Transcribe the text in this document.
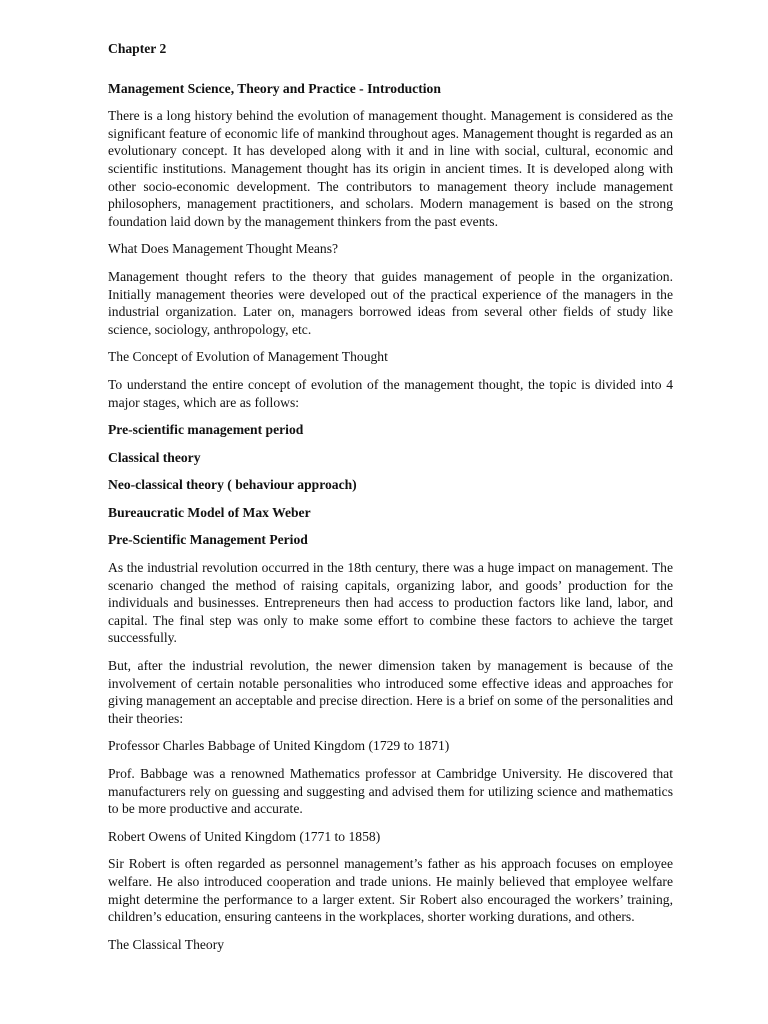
Chapter 2
Management Science, Theory and Practice - Introduction

There is a long history behind the evolution of management thought. Management is considered as the significant feature of economic life of mankind throughout ages. Management thought is regarded as an evolutionary concept. It has developed along with it and in line with social, cultural, economic and scientific institutions. Management thought has its origin in ancient times. It is developed along with other socio-economic development. The contributors to management theory include management philosophers, management practitioners, and scholars. Modern management is based on the strong foundation laid down by the management thinkers from the past events.

What Does Management Thought Means?

Management thought refers to the theory that guides management of people in the organization. Initially management theories were developed out of the practical experience of the managers in the industrial organization. Later on, managers borrowed ideas from several other fields of study like science, sociology, anthropology, etc.

The Concept of Evolution of Management Thought

To understand the entire concept of evolution of the management thought, the topic is divided into 4 major stages, which are as follows:

Pre-scientific management period
Classical theory
Neo-classical theory ( behaviour approach)
Bureaucratic Model of Max Weber
Pre-Scientific Management Period

As the industrial revolution occurred in the 18th century, there was a huge impact on management. The scenario changed the method of raising capitals, organizing labor, and goods’ production for the individuals and businesses. Entrepreneurs then had access to production factors like land, labor, and capital. The final step was only to make some effort to combine these factors to achieve the target successfully.

But, after the industrial revolution, the newer dimension taken by management is because of the involvement of certain notable personalities who introduced some effective ideas and approaches for giving management an acceptable and precise direction. Here is a brief on some of the personalities and their theories:

Professor Charles Babbage of United Kingdom (1729 to 1871)

Prof. Babbage was a renowned Mathematics professor at Cambridge University. He discovered that manufacturers rely on guessing and suggesting and advised them for utilizing science and mathematics to be more productive and accurate.

Robert Owens of United Kingdom (1771 to 1858)

Sir Robert is often regarded as personnel management’s father as his approach focuses on employee welfare. He also introduced cooperation and trade unions. He mainly believed that employee welfare might determine the performance to a larger extent. Sir Robert also encouraged the workers’ training, children’s education, ensuring canteens in the workplaces, shorter working durations, and others.

The Classical Theory
